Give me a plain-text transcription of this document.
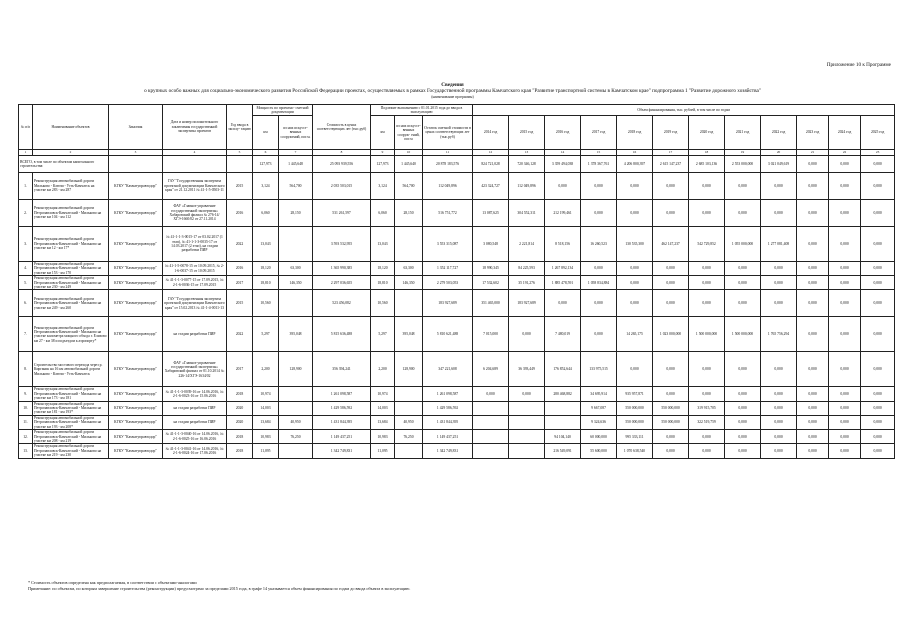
Приложение 10 к Программе
Сведения
о крупных особо важных для социально-экономического развития Российской Федерации проектах, осуществляемых в рамках Государственной программы Камчатского края "Развитие транспортной системы в Камчатском крае" подпрограмма 1 "Развитие дорожного хозяйства"
(наименование программы)
№ п/п	Наименование объектов	Заказчик	Дата и номер положительного заключения государственной экспертизы проектов	Год ввода в эксплу- тацию	Мощность по проектно- сметной документации		Стоимость в ценах соответствующих лет (тыс.руб)	Подлежит выполнению с 01.01.2015 года до ввода в эксплуатацию			Объем финансирования, тыс. рублей, в том числе по годам											
					км	из них искусст- венных сооружений, пог.м.		км	из них искусст- венных сооруж- ений, пог.м	Остаток сметной стоимости в ценах соответствующих лет (тыс.руб)	2014 год	2015 год	2016 год	2017 год	2018 год	2019 год	2020 год	2021 год	2022 год	2023 год	2024 год	2025 год
1	2	3	4	5	6	7	8	9	10	11	12	13	14	15	16	17	18	19	20	21	22	23
ВСЕГО, в том числе по объектам капитального строительства:					127,973	1 445,648	25 093 939,556	127,973	1 445,640	20 878 183,576	824 721,028	720 346,128	3 359 494,038	1 378 367,761	4 206 800,397	2 615 147,237	2 685 103,136	2 553 000,000	3 021 049,619	0,000	0,000	0,000
1.	Реконструкция автомобильной дороги Мильково - Ключи - Усть-Камчатск на участке км 283 - км 287	КГКУ "Камчатуправтодор"	ГАУ "Государственная экспертиза проектной документации Камчатского края" от 21.12.2011 № 41-1-5-0503-11	2015	3,124	564,700	2 035 503,015	3,124	564,700	112 049,896	423 324,727	112 049,896	0,000	0,000	0,000	0,000	0,000	0,000	0,000	0,000	0,000	0,000
2.	Реконструкция автомобильной дороги Петропавловск-Камчатский - Мильково на участке км 104 - км 112	КГКУ "Камчатуправтодор"	ФАУ «Главное управление государственной экспертизы» Хабаровский филиал № 276-14/ХГЭ-1660/02 от 27.11.2014	2016	6,060	28,150	531 261,597	6,060	28,150	516 751,772	13 087,625	304 552,311	212 199,461	0,000	0,000	0,000	0,000	0,000	0,000	0,000	0,000	0,000
3.	Реконструкция автомобильной дороги Петропавловск-Камчатский - Мильково на участке км 12 - км 17*	КГКУ "Камчатуправтодор"	№ 41-1-1-3-0015-17 от 03.02.2017 (1 этап), № 41-1-1-3-0035-17 от 14.03.2017 (2 этап), на стадии разработки ПИР	2022	13,043		3 593 532,955	13,043		3 553 315,087	3 080,548	2 221,814	8 518,156	16 260,523	130 535,300	462 147,237	542 729,852	1 055 000,000	1 277 081,408	0,000	0,000	0,000
4.	Реконструкция автомобильной дороги Петропавловск-Камчатский - Мильково на участке км 153 - км 170	КГКУ "Камчатуправтодор"	№ 41-1-5-0078-15 от 10.09.2015, № 2-1-6-0037-15 от 10.09.2015	2016	18,120	63,300	1 365 990,385	18,120	63,300	1 352 117,727	18 990,345	84 225,593	1 267 892,134	0,000	0,000	0,000	0,000	0,000	0,000	0,000	0,000	0,000
5.	Реконструкция автомобильной дороги Петропавловск-Камчатский - Мильково на участке км 230 - км 249	КГКУ "Камчатуправтодор"	№ 41-1-1-3-0077-15 от 17.09.2015, № 2-1-6-0036-15 от 17.09.2015	2017	18,810	146,350	2 297 036,655	18,810	146,350	2 279 503,053	17 532,602	35 191,276	1 885 478,591	1 058 834,884	0,000	0,000	0,000	0,000	0,000	0,000	0,000	0,000
6.	Реконструкция автомобильной дороги Петропавловск-Камчатский - Мильково на участке км 249 - км 260	КГКУ "Камчатуправтодор"	ГАУ "Государственная экспертиза проектной документации Камчатского края" от 15.02.2013 № 41-1-4-0011-13	2015	10,560		523 456,082	10,560		183 927,689	351 465,000	183 927,689	0,000	0,000	0,000	0,000	0,000	0,000	0,000	0,000	0,000	0,000
7.	Реконструкция автомобильной дороги Петропавловск-Камчатский - Мильково на участке километра мощного обхода г. Елизово км 27 - км 38 и подъездом к аэропорту*	КГКУ "Камчатуправтодор"	на стадии разработки ПИР	2022	5,297	395,048	5 815 636,488	5,297	395,048	5 810 621,488	7 015,000	0,000	7 480,019	0,000	14 265,175	1 023 000,000	1 500 000,000	1 500 000,000	1 765 756,294	0,000	0,000	0,000
8.	Строительство мостового перехода через р. Кирганик на 16 км автомобильной дороги Мильково - Ключи - Усть-Камчатск	КГКУ "Камчатуправтодор"	ФАУ «Главное управление государственной экспертизы» Хабаровский филиал от 01.10.2014 № 226-14/ХГЭ-1634/02	2017	2,200	128,900	356 394,241	2,200	128,900	347 221,608	6 204,689	36 393,449	176 852,644	133 975,515	0,000	0,000	0,000	0,000	0,000	0,000	0,000	0,000
9.	Реконструкция автомобильной дороги Петропавловск-Камчатский - Мильково на участке км 173 - км 181	КГКУ "Камчатуправтодор"	№ 41-1-1-3-0039-16 от 14.06.2016, № 2-1-6-0023-16 от 15.06.2016	2018	10,974		1 261 098,587	10,974		1 261 098,587	0,000	0,000	280 468,882	34 695,914	935 957,871	0,000	0,000	0,000	0,000	0,000	0,000	0,000
10.	Реконструкция автомобильной дороги Петропавловск-Камчатский - Мильково на участке км 181 - км 193*	КГКУ "Камчатуправтодор"	на стадии разработки ПИР	2020	14,003		1 429 586,592	14,003		1 429 586,592				9 667,087	550 000,000	550 000,000	319 915,705	0,000	0,000	0,000	0,000	0,000
11.	Реконструкция автомобильной дороги Петропавловск-Камчатский - Мильково на участке км 193 - км 208*	КГКУ "Камчатуправтодор"	на стадии разработки ПИР	2020	13,684	40,950	1 431 844,395	13,684	40,950	1 431 844,395				9 324,636	550 000,000	550 000,000	322 519,759	0,000	0,000	0,000	0,000	0,000
12.	Реконструкция автомобильной дороги Петропавловск-Камчатский - Мильково на участке км 208 - км 219	КГКУ "Камчатуправтодор"	№ 41-1-1-3-0040-16 от 14.06.2016, № 2-1-6-0025-16 от 16.06.2016	2018	10,983	76,250	1 149 437,251	10,983	76,250	1 149 437,251			94 104,140	60 000,000	995 333,111	0,000	0,000	0,000	0,000	0,000	0,000	0,000
13.	Реконструкция автомобильной дороги Петропавловск-Камчатский - Мильково на участке км 219 - км 230	КГКУ "Камчатуправтодор"	№ 41-1-1-3-0041-16 от 14.06.2016, № 2-1-6-0024-16 от 17.06.2016	2018	11,095		1 342 749,831	11,095		1 342 749,831			216 549,091	55 600,000	1 070 638,540	0,000	0,000	0,000	0,000	0,000	0,000	0,000
* Стоимость объектов определена как предполагаемая, в соответствии с объектами-аналогами
Примечание: по объектам, по которым завершение строительства (реконструкции) предусмотрено за пределами 2015 года, в графе 14 указывается объем финансирования по годам до ввода объекта в эксплуатацию.
